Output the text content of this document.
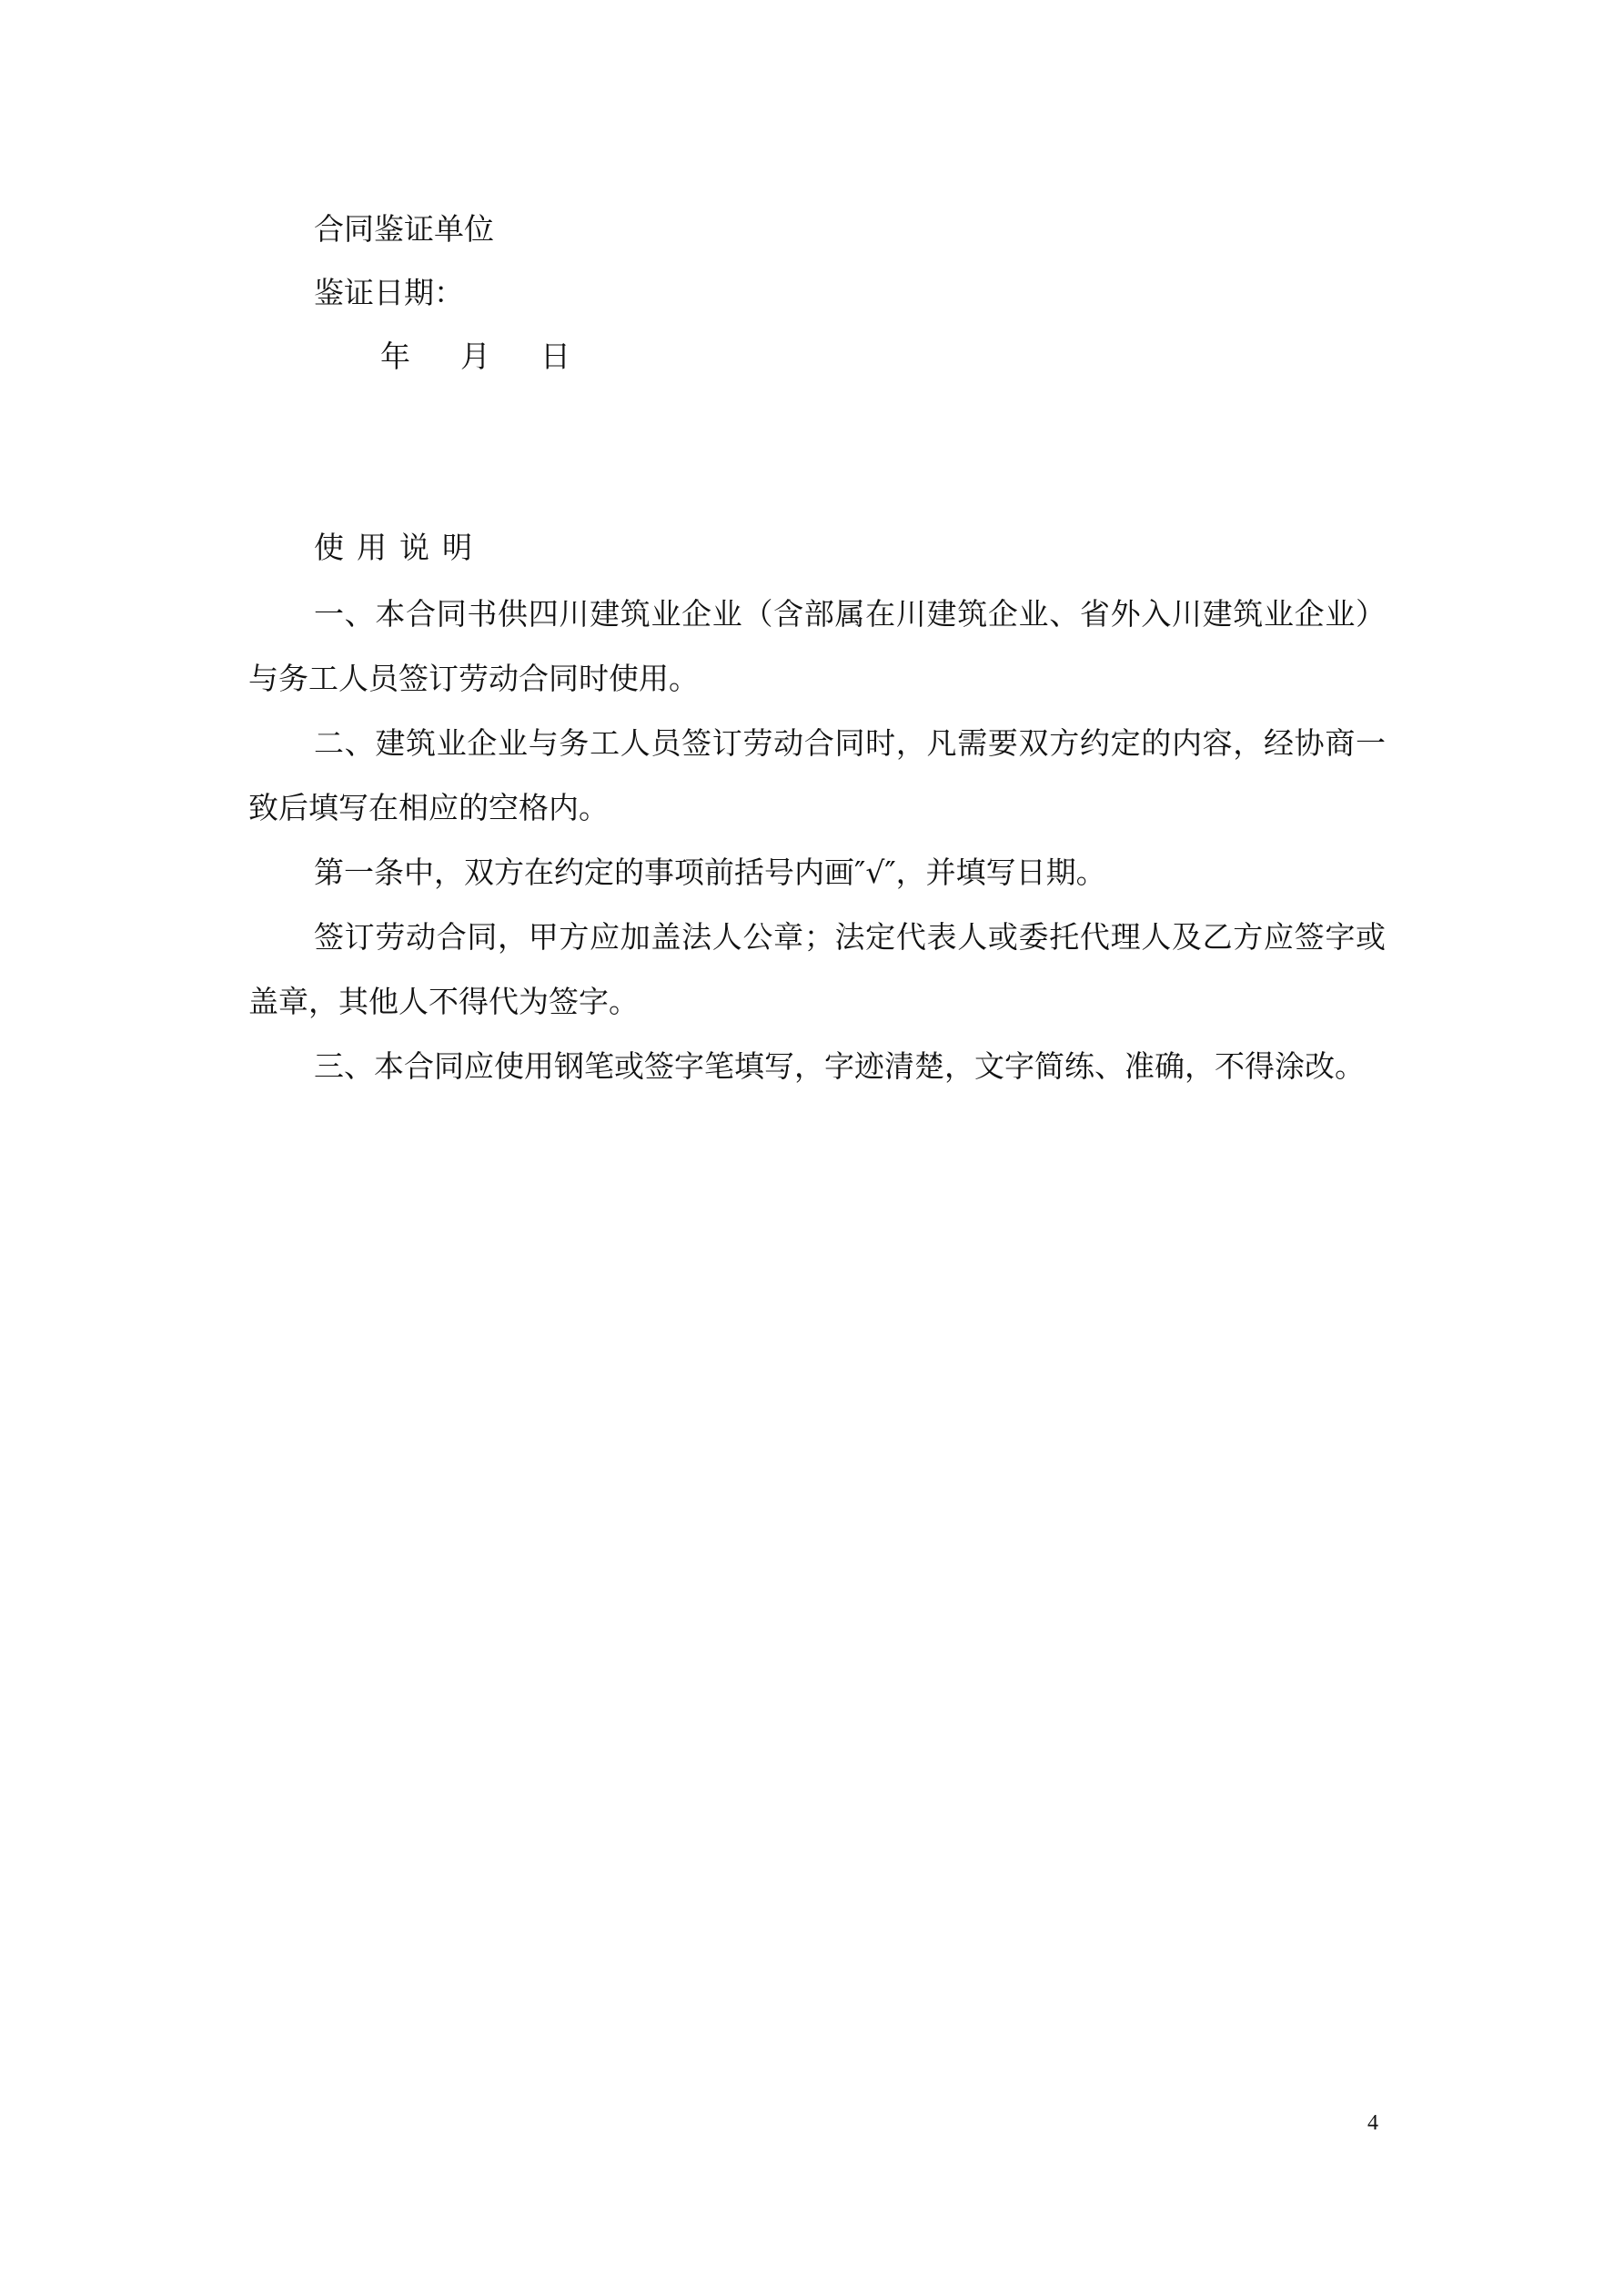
合同鉴证单位
鉴证日期：
年 月 日
使用说明

一、本合同书供四川建筑业企业（含部属在川建筑企业、省外入川建筑业企业）与务工人员签订劳动合同时使用。

二、建筑业企业与务工人员签订劳动合同时，凡需要双方约定的内容，经协商一致后填写在相应的空格内。

第一条中，双方在约定的事项前括号内画″√″，并填写日期。

签订劳动合同，甲方应加盖法人公章；法定代表人或委托代理人及乙方应签字或盖章，其他人不得代为签字。

三、本合同应使用钢笔或签字笔填写，字迹清楚，文字简练、准确，不得涂改。

4
